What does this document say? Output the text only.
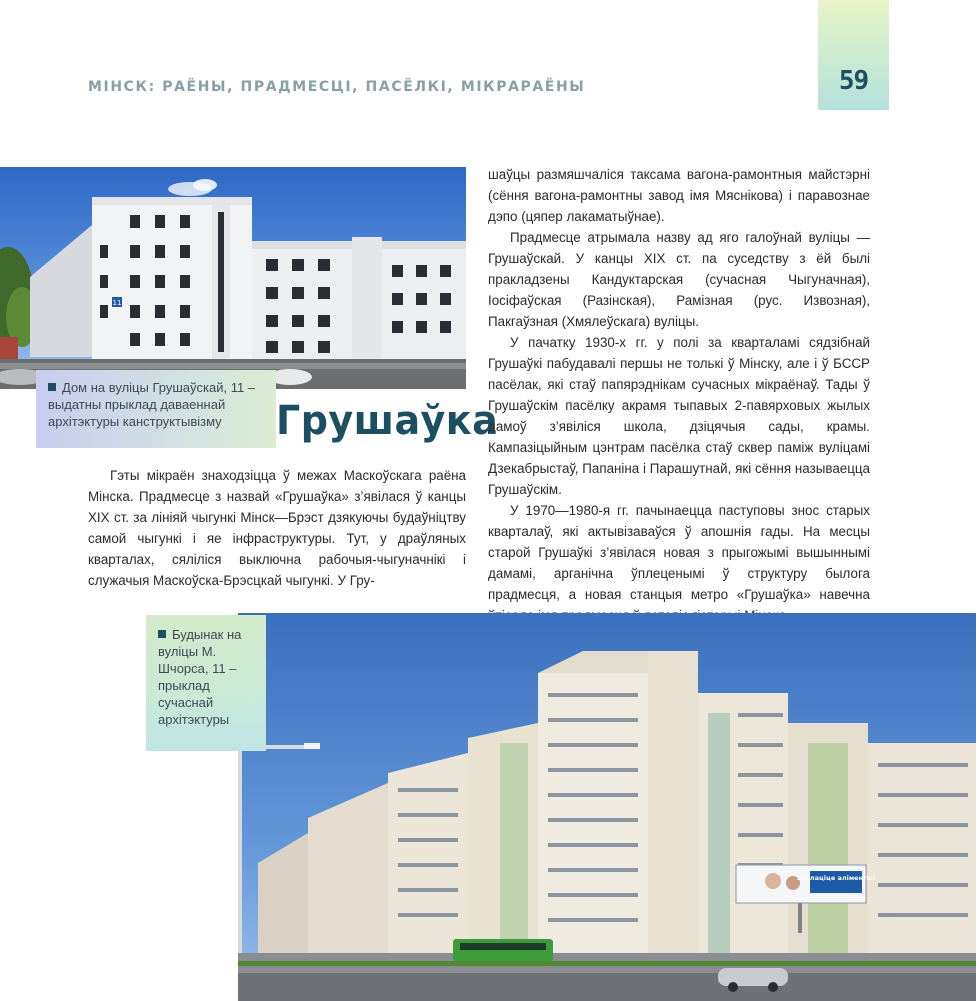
МІНСК: РАЁНЫ, ПРАДМЕСЦІ, ПАСЁЛКІ, МІКРАРАЁНЫ	59
11
Дом на вуліцы Грушаўскай, 11 – выдатны прыклад даваеннай архітэктуры канструктывізму	Грушаўка

Гэты мікраён знаходзіцца ў межах Маскоўскага раёна Мінска. Прадмесце з назвай «Грушаўка» з’явілася ў канцы ХІХ ст. за лініяй чыгункі Мінск—Брэст дзякуючы будаўніцтву самой чыгункі і яе інфраструктуры. Тут, у драўляных кварталах, сяліліся выключна рабочыя-чыгуначнікі і служачыя Маскоўска-Брэсцкай чыгункі. У Гру-

шаўцы размяшчаліся таксама вагона-рамонтныя майстэрні (сёння вагона-рамонтны завод імя Мяснікова) і паравознае дэпо (цяпер лакаматыўнае).

Прадмесце атрымала назву ад яго галоўнай вуліцы — Грушаўскай. У канцы ХІХ ст. па суседству з ёй былі пракладзены Кандуктарская (сучасная Чыгуначная), Іосіфаўская (Разінская), Рамізная (рус. Извозная), Пакгаўзная (Хмялеўскага) вуліцы.

У пачатку 1930-х гг. у полі за кварталамі сядзібнай Грушаўкі пабудавалі першы не толькі ў Мінску, але і ў БССР пасёлак, які стаў папярэднікам сучасных мікраёнаў. Тады ў Грушаўскім пасёлку акрамя тыпавых 2-павярховых жылых дамоў з’явіліся школа, дзіцячыя сады, крамы. Кампазіцыйным цэнтрам пасёлка стаў сквер паміж вуліцамі Дзекабрыстаў, Папаніна і Парашутнай, які сёння называецца Грушаўскім.

У 1970—1980-я гг. пачынаецца паступовы знос старых кварталаў, які актывізаваўся ў апошнія гады. На месцы старой Грушаўкі з’явілася новая з прыгожымі вышыннымі дамамі, арганічна ўплеценымі ў структуру былога прадмесця, а новая станцыя метро «Грушаўка» навечна

Заплаціце аліменты!
Будынак на вуліцы М. Шчорса, 11 – прыклад сучаснай архітэктуры
